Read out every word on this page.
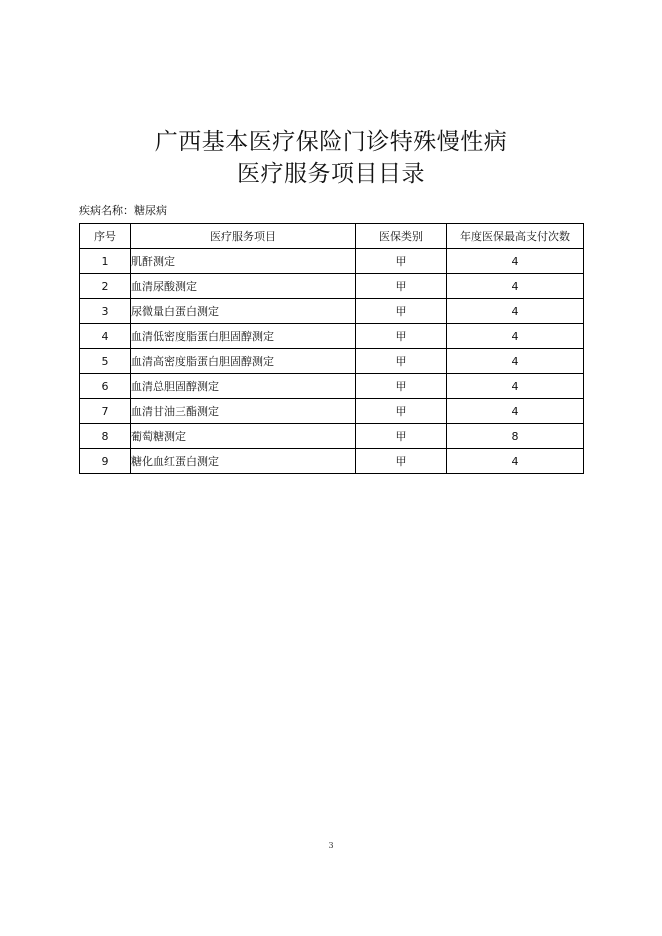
广西基本医疗保险门诊特殊慢性病
医疗服务项目目录
疾病名称：糖尿病
序号	医疗服务项目	医保类别	年度医保最高支付次数
1	肌酐测定	甲	4
2	血清尿酸测定	甲	4
3	尿微量白蛋白测定	甲	4
4	血清低密度脂蛋白胆固醇测定	甲	4
5	血清高密度脂蛋白胆固醇测定	甲	4
6	血清总胆固醇测定	甲	4
7	血清甘油三酯测定	甲	4
8	葡萄糖测定	甲	8
9	糖化血红蛋白测定	甲	4
3
